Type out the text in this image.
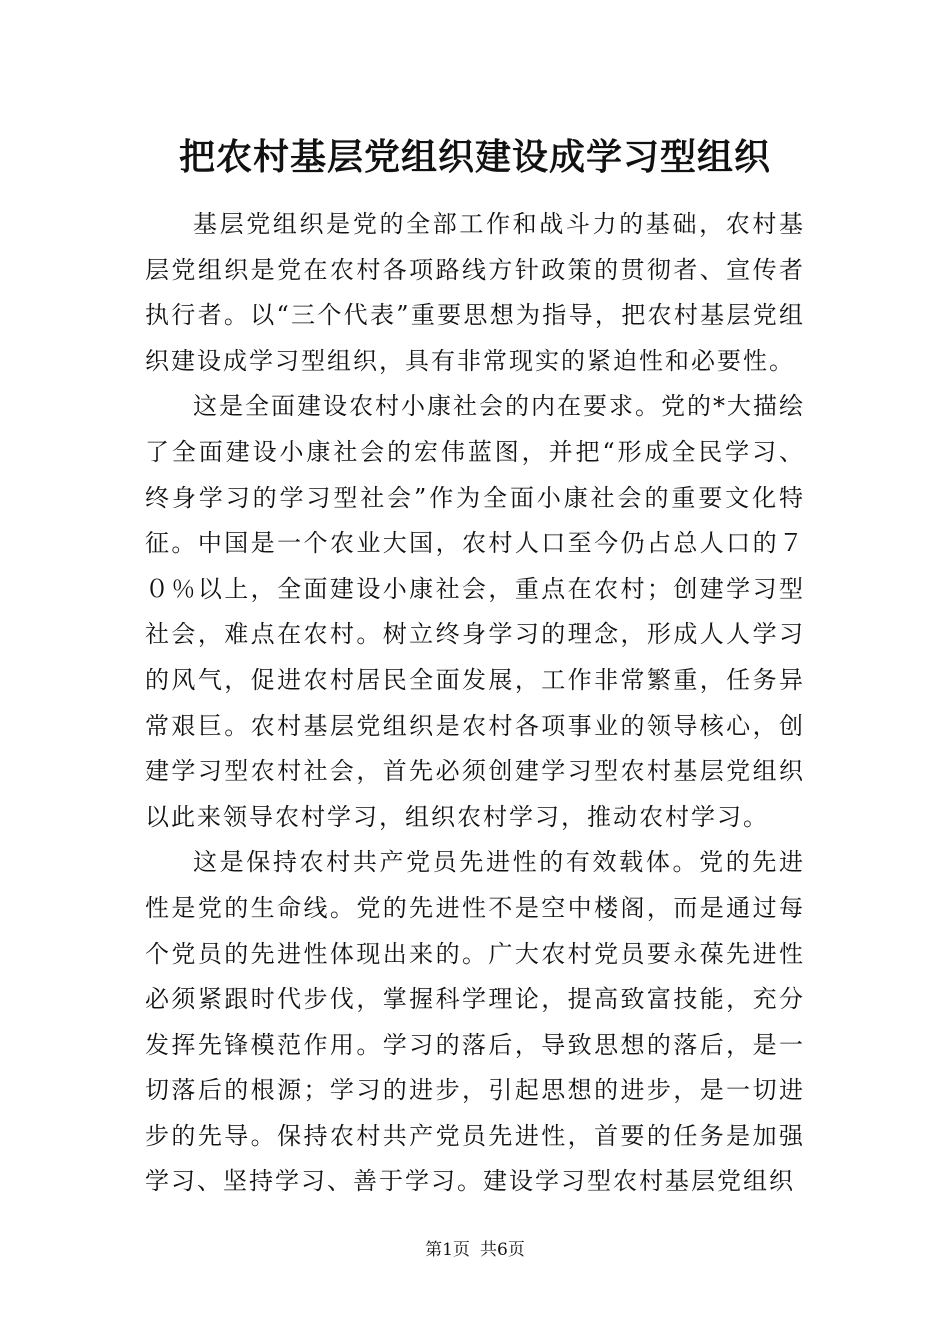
把农村基层党组织建设成学习型组织

基层党组织是党的全部工作和战斗力的基础，农村基层党组织是党在农村各项路线方针政策的贯彻者、宣传者执行者。以“三个代表”重要思想为指导，把农村基层党组织建设成学习型组织，具有非常现实的紧迫性和必要性。

这是全面建设农村小康社会的内在要求。党的*大描绘了全面建设小康社会的宏伟蓝图，并把“形成全民学习、终身学习的学习型社会”作为全面小康社会的重要文化特征。中国是一个农业大国，农村人口至今仍占总人口的７０％以上，全面建设小康社会，重点在农村；创建学习型社会，难点在农村。树立终身学习的理念，形成人人学习的风气，促进农村居民全面发展，工作非常繁重，任务异常艰巨。农村基层党组织是农村各项事业的领导核心，创建学习型农村社会，首先必须创建学习型农村基层党组织以此来领导农村学习，组织农村学习，推动农村学习。

这是保持农村共产党员先进性的有效载体。党的先进性是党的生命线。党的先进性不是空中楼阁，而是通过每个党员的先进性体现出来的。广大农村党员要永葆先进性必须紧跟时代步伐，掌握科学理论，提高致富技能，充分发挥先锋模范作用。学习的落后，导致思想的落后，是一切落后的根源；学习的进步，引起思想的进步，是一切进步的先导。保持农村共产党员先进性，首要的任务是加强学习、坚持学习、善于学习。建设学习型农村基层党组织

第1页 共6页
